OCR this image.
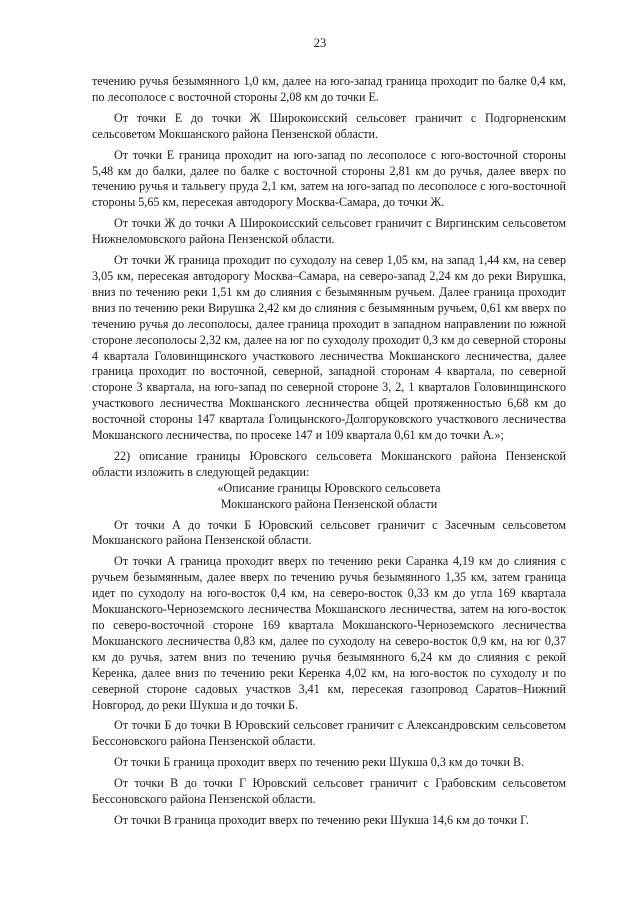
23

течению ручья безымянного 1,0 км, далее на юго-запад граница проходит по балке 0,4 км, по лесополосе с восточной стороны 2,08 км до точки Е.

От точки Е до точки Ж Широкоисский сельсовет граничит с Подгорненским сельсоветом Мокшанского района Пензенской области.

От точки Е граница проходит на юго-запад по лесополосе с юго-восточной стороны 5,48 км до балки, далее по балке с восточной стороны 2,81 км до ручья, далее вверх по течению ручья и тальвегу пруда 2,1 км, затем на юго-запад по лесополосе с юго-восточной стороны 5,65 км, пересекая автодорогу Москва-Самара, до точки Ж.

От точки Ж до точки А Широкоисский сельсовет граничит с Виргинским сельсоветом Нижнеломовского района Пензенской области.

От точки Ж граница проходит по суходолу на север 1,05 км, на запад 1,44 км, на север 3,05 км, пересекая автодорогу Москва–Самара, на северо-запад 2,24 км до реки Вирушка, вниз по течению реки 1,51 км до слияния с безымянным ручьем. Далее граница проходит вниз по течению реки Вирушка 2,42 км до слияния с безымянным ручьем, 0,61 км вверх по течению ручья до лесополосы, далее граница проходит в западном направлении по южной стороне лесополосы 2,32 км, далее на юг по суходолу проходит 0,3 км до северной стороны 4 квартала Головинщинского участкового лесничества Мокшанского лесничества, далее граница проходит по восточной, северной, западной сторонам 4 квартала, по северной стороне 3 квартала, на юго-запад по северной стороне 3, 2, 1 кварталов Головинщинского участкового лесничества Мокшанского лесничества общей протяженностью 6,68 км до восточной стороны 147 квартала Голицынского-Долгоруковского участкового лесничества Мокшанского лесничества, по просеке 147 и 109 квартала 0,61 км до точки А.»;

22) описание границы Юровского сельсовета Мокшанского района Пензенской области изложить в следующей редакции:

«Описание границы Юровского сельсовета

Мокшанского района Пензенской области

От точки А до точки Б Юровский сельсовет граничит с Засечным сельсоветом Мокшанского района Пензенской области.

От точки А граница проходит вверх по течению реки Саранка 4,19 км до слияния с ручьем безымянным, далее вверх по течению ручья безымянного 1,35 км, затем граница идет по суходолу на юго-восток 0,4 км, на северо-восток 0,33 км до угла 169 квартала Мокшанского-Черноземского лесничества Мокшанского лесничества, затем на юго-восток по северо-восточной стороне 169 квартала Мокшанского-Черноземского лесничества Мокшанского лесничества 0,83 км, далее по суходолу на северо-восток 0,9 км, на юг 0,37 км до ручья, затем вниз по течению ручья безымянного 6,24 км до слияния с рекой Керенка, далее вниз по течению реки Керенка 4,02 км, на юго-восток по суходолу и по северной стороне садовых участков 3,41 км, пересекая газопровод Саратов–Нижний Новгород, до реки Шукша и до точки Б.

От точки Б до точки В Юровский сельсовет граничит с Александровским сельсоветом Бессоновского района Пензенской области.

От точки Б граница проходит вверх по течению реки Шукша 0,3 км до точки В.

От точки В до точки Г Юровский сельсовет граничит с Грабовским сельсоветом Бессоновского района Пензенской области.

От точки В граница проходит вверх по течению реки Шукша 14,6 км до точки Г.
